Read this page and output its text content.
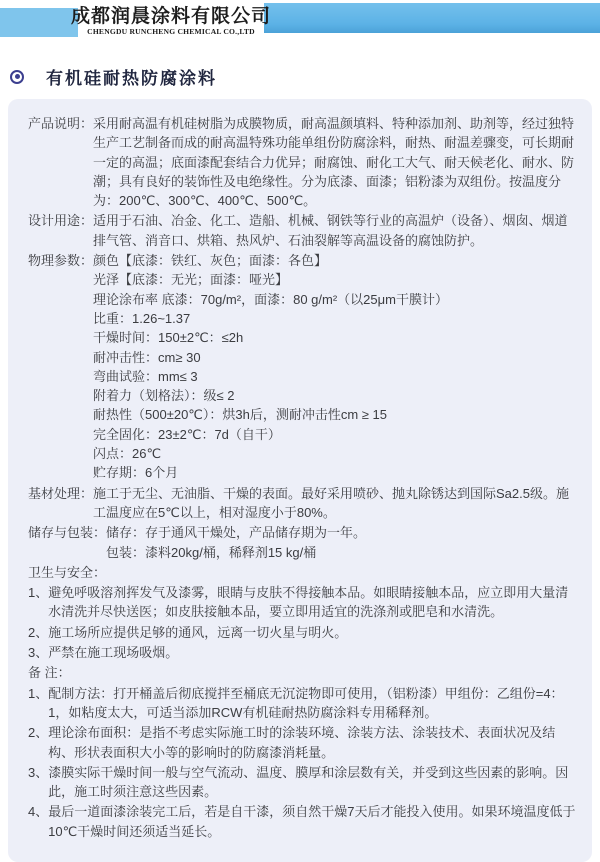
成都润晨涂料有限公司
CHENGDU RUNCHENG CHEMICAL CO.,LTD
有机硅耐热防腐涂料
产品说明： 采用耐高温有机硅树脂为成膜物质，耐高温颜填料、特种添加剂、助剂等，经过独特生产工艺制备而成的耐高温特殊功能单组份防腐涂料，耐热、耐温差骤变，可长期耐一定的高温；底面漆配套结合力优异；耐腐蚀、耐化工大气、耐天候老化、耐水、防潮；具有良好的装饰性及电绝缘性。分为底漆、面漆；铝粉漆为双组份。按温度分为：200℃、300℃、400℃、500℃。
设计用途： 适用于石油、冶金、化工、造船、机械、钢铁等行业的高温炉（设备）、烟囱、烟道排气管、消音口、烘箱、热风炉、石油裂解等高温设备的腐蚀防护。
物理参数： 颜色【底漆：铁红、灰色；面漆：各色】
光泽【底漆：无光；面漆：哑光】
理论涂布率 底漆：70g/m²，面漆：80 g/m²（以25μm干膜计）
比重：1.26~1.37
干燥时间：150±2℃：≤2h
耐冲击性：cm≥ 30
弯曲试验：mm≤ 3
附着力（划格法）：级≤ 2
耐热性（500±20℃）：烘3h后，测耐冲击性cm ≥ 15
完全固化：23±2℃：7d（自干）
闪点：26℃
贮存期：6个月
基材处理： 施工于无尘、无油脂、干燥的表面。最好采用喷砂、抛丸除锈达到国际Sa2.5级。施工温度应在5℃以上，相对湿度小于80%。
储存与包装： 储存：存于通风干燥处，产品储存期为一年。
包装：漆料20kg/桶，稀释剂15 kg/桶
卫生与安全：
1、避免呼吸溶剂挥发气及漆雾，眼睛与皮肤不得接触本品。如眼睛接触本品，应立即用大量清水清洗并尽快送医；如皮肤接触本品，要立即用适宜的洗涤剂或肥皂和水清洗。
2、施工场所应提供足够的通风，远离一切火星与明火。
3、严禁在施工现场吸烟。
备 注：
1、配制方法：打开桶盖后彻底搅拌至桶底无沉淀物即可使用，（铝粉漆）甲组份：乙组份=4：1，如粘度太大，可适当添加RCW有机硅耐热防腐涂料专用稀释剂。
2、理论涂布面积：是指不考虑实际施工时的涂装环境、涂装方法、涂装技术、表面状况及结构、形状表面积大小等的影响时的防腐漆消耗量。
3、漆膜实际干燥时间一般与空气流动、温度、膜厚和涂层数有关，并受到这些因素的影响。因此，施工时须注意这些因素。
4、最后一道面漆涂装完工后，若是自干漆，须自然干燥7天后才能投入使用。如果环境温度低于10℃干燥时间还须适当延长。
